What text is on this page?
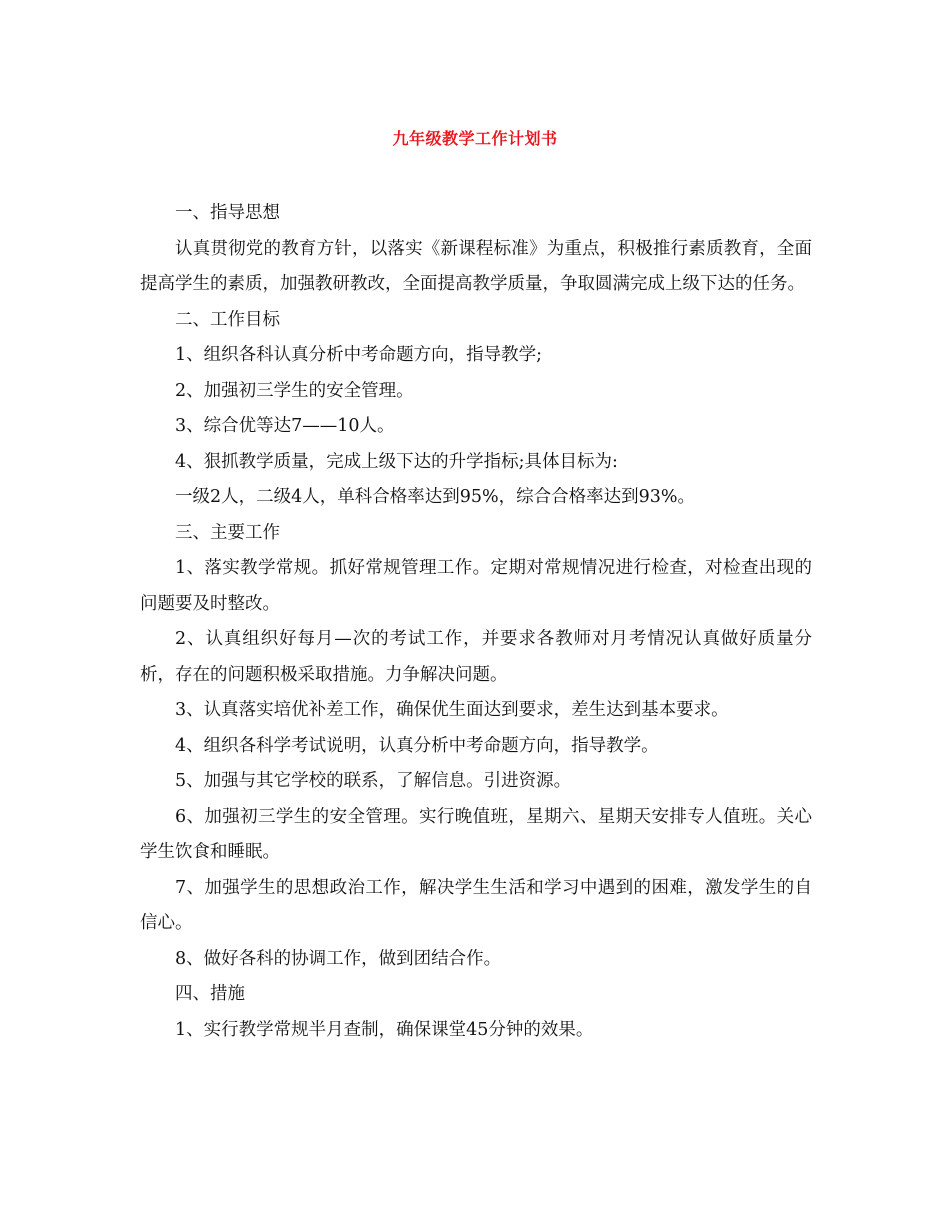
九年级教学工作计划书

一、指导思想

认真贯彻党的教育方针，以落实《新课程标准》为重点，积极推行素质教育，全面提高学生的素质，加强教研教改，全面提高教学质量，争取圆满完成上级下达的任务。

二、工作目标

1、组织各科认真分析中考命题方向，指导教学;

2、加强初三学生的安全管理。

3、综合优等达7——10人。

4、狠抓教学质量，完成上级下达的升学指标;具体目标为:

一级2人，二级4人，单科合格率达到95%，综合合格率达到93%。

三、主要工作

1、落实教学常规。抓好常规管理工作。定期对常规情况进行检查，对检查出现的问题要及时整改。

2、认真组织好每月—次的考试工作，并要求各教师对月考情况认真做好质量分析，存在的问题积极采取措施。力争解决问题。

3、认真落实培优补差工作，确保优生面达到要求，差生达到基本要求。

4、组织各科学考试说明，认真分析中考命题方向，指导教学。

5、加强与其它学校的联系，了解信息。引进资源。

6、加强初三学生的安全管理。实行晚值班，星期六、星期天安排专人值班。关心学生饮食和睡眠。

7、加强学生的思想政治工作，解决学生生活和学习中遇到的困难，激发学生的自信心。

8、做好各科的协调工作，做到团结合作。

四、措施

1、实行教学常规半月查制，确保课堂45分钟的效果。
